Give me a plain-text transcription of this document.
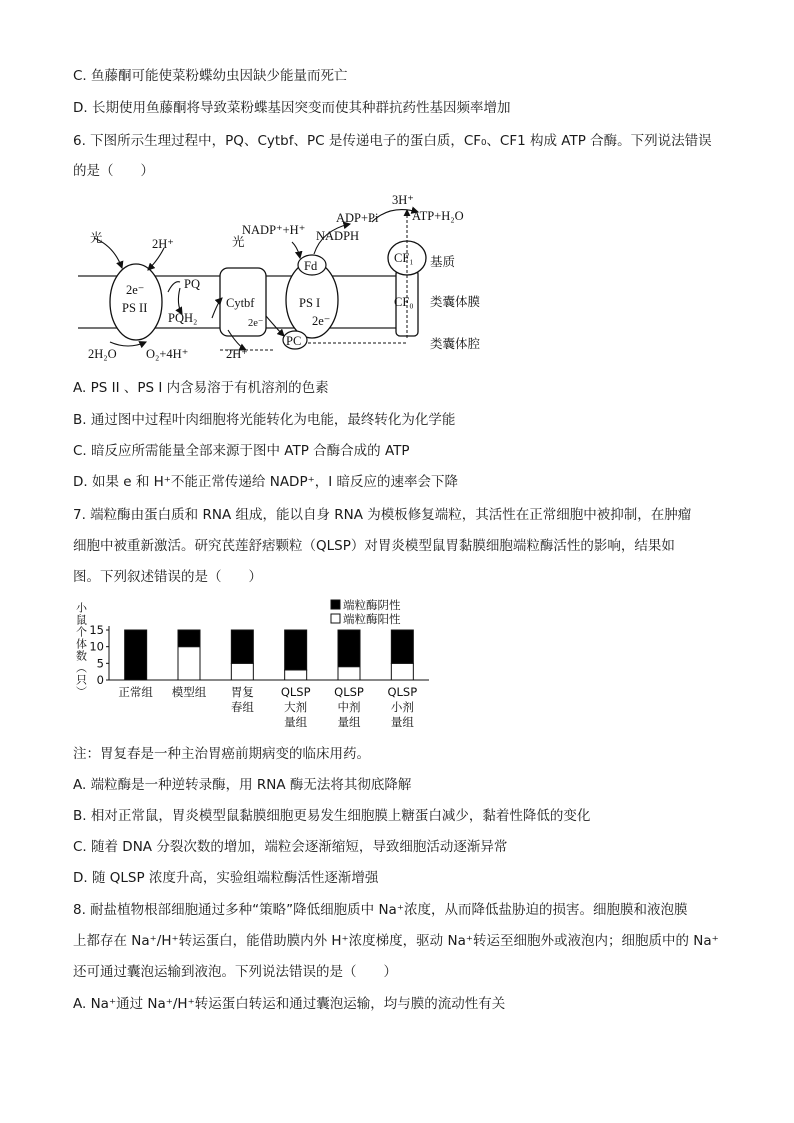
C. 鱼藤酮可能使菜粉蝶幼虫因缺少能量而死亡
D. 长期使用鱼藤酮将导致菜粉蝶基因突变而使其种群抗药性基因频率增加
6. 下图所示生理过程中，PQ、Cytbf、PC 是传递电子的蛋白质，CF₀、CF1 构成 ATP 合酶。下列说法错误
的是（　　）
2e⁻
PS II	Cytbf
2e⁻
PS I
2e⁻
Fd
PC
CF₁
CF₀
PQ
PQH₂
光	光
2H⁺
NADP⁺+H⁺ NADPH
ADP+Pi
3H⁺
ATP+H₂O
2H₂O O₂+4H⁺	2H⁺
基质
类囊体膜
类囊体腔
A. PS II 、PS I 内含易溶于有机溶剂的色素
B. 通过图中过程叶肉细胞将光能转化为电能，最终转化为化学能
C. 暗反应所需能量全部来源于图中 ATP 合酶合成的 ATP
D. 如果 e 和 H⁺不能正常传递给 NADP⁺，I 暗反应的速率会下降
7. 端粒酶由蛋白质和 RNA 组成，能以自身 RNA 为模板修复端粒，其活性在正常细胞中被抑制，在肿瘤
细胞中被重新激活。研究芪莲舒痞颗粒（QLSP）对胃炎模型鼠胃黏膜细胞端粒酶活性的影响，结果如
图。下列叙述错误的是（　　）
小鼠个体数（只） 0
5
10
15
正常组 模型组 胃复
春组
QLSP
大剂
量组
QLSP
中剂
量组
QLSP
小剂
量组
端粒酶阴性
端粒酶阳性
注：胃复春是一种主治胃癌前期病变的临床用药。
A. 端粒酶是一种逆转录酶，用 RNA 酶无法将其彻底降解
B. 相对正常鼠，胃炎模型鼠黏膜细胞更易发生细胞膜上糖蛋白减少，黏着性降低的变化
C. 随着 DNA 分裂次数的增加，端粒会逐渐缩短，导致细胞活动逐渐异常
D. 随 QLSP 浓度升高，实验组端粒酶活性逐渐增强
8. 耐盐植物根部细胞通过多种“策略”降低细胞质中 Na⁺浓度，从而降低盐胁迫的损害。细胞膜和液泡膜
上都存在 Na⁺/H⁺转运蛋白，能借助膜内外 H⁺浓度梯度，驱动 Na⁺转运至细胞外或液泡内；细胞质中的 Na⁺
还可通过囊泡运输到液泡。下列说法错误的是（　　）
A. Na⁺通过 Na⁺/H⁺转运蛋白转运和通过囊泡运输，均与膜的流动性有关
